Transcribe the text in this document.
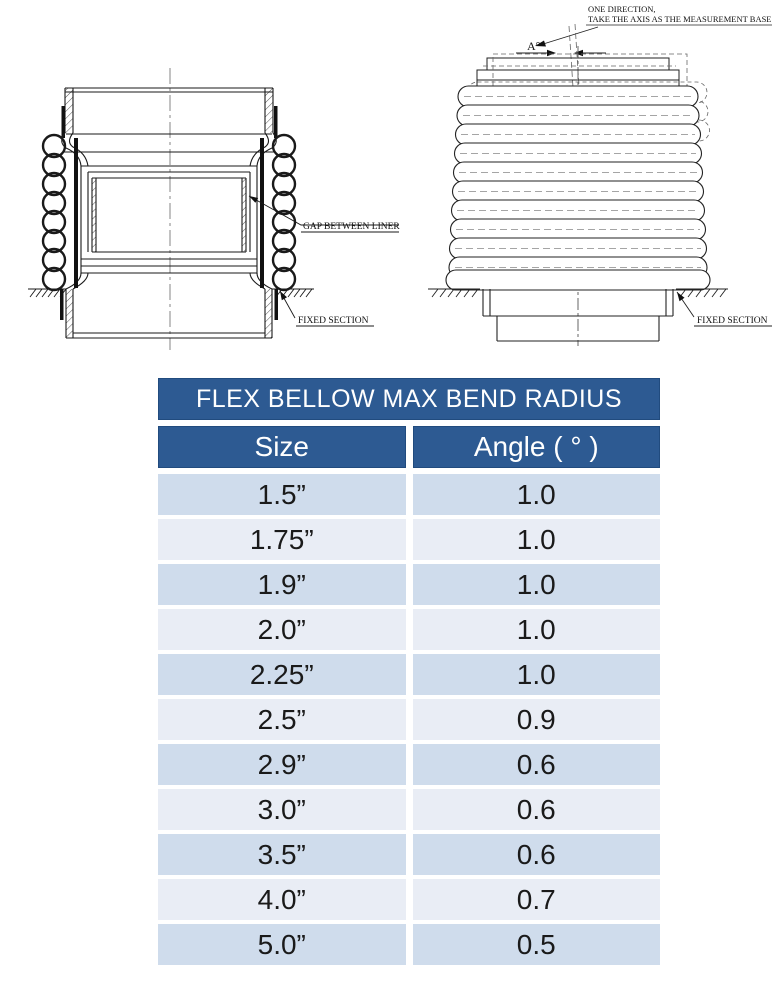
GAP BETWEEN LINER
FIXED SECTION
ONE DIRECTION,
TAKE THE AXIS AS THE MEASUREMENT BASE
A°
FIXED SECTION
FLEX BELLOW MAX BEND RADIUS
Size	Angle ( ° )
1.5”	1.0
1.75”	1.0
1.9”	1.0
2.0”	1.0
2.25”	1.0
2.5”	0.9
2.9”	0.6
3.0”	0.6
3.5”	0.6
4.0”	0.7
5.0”	0.5
